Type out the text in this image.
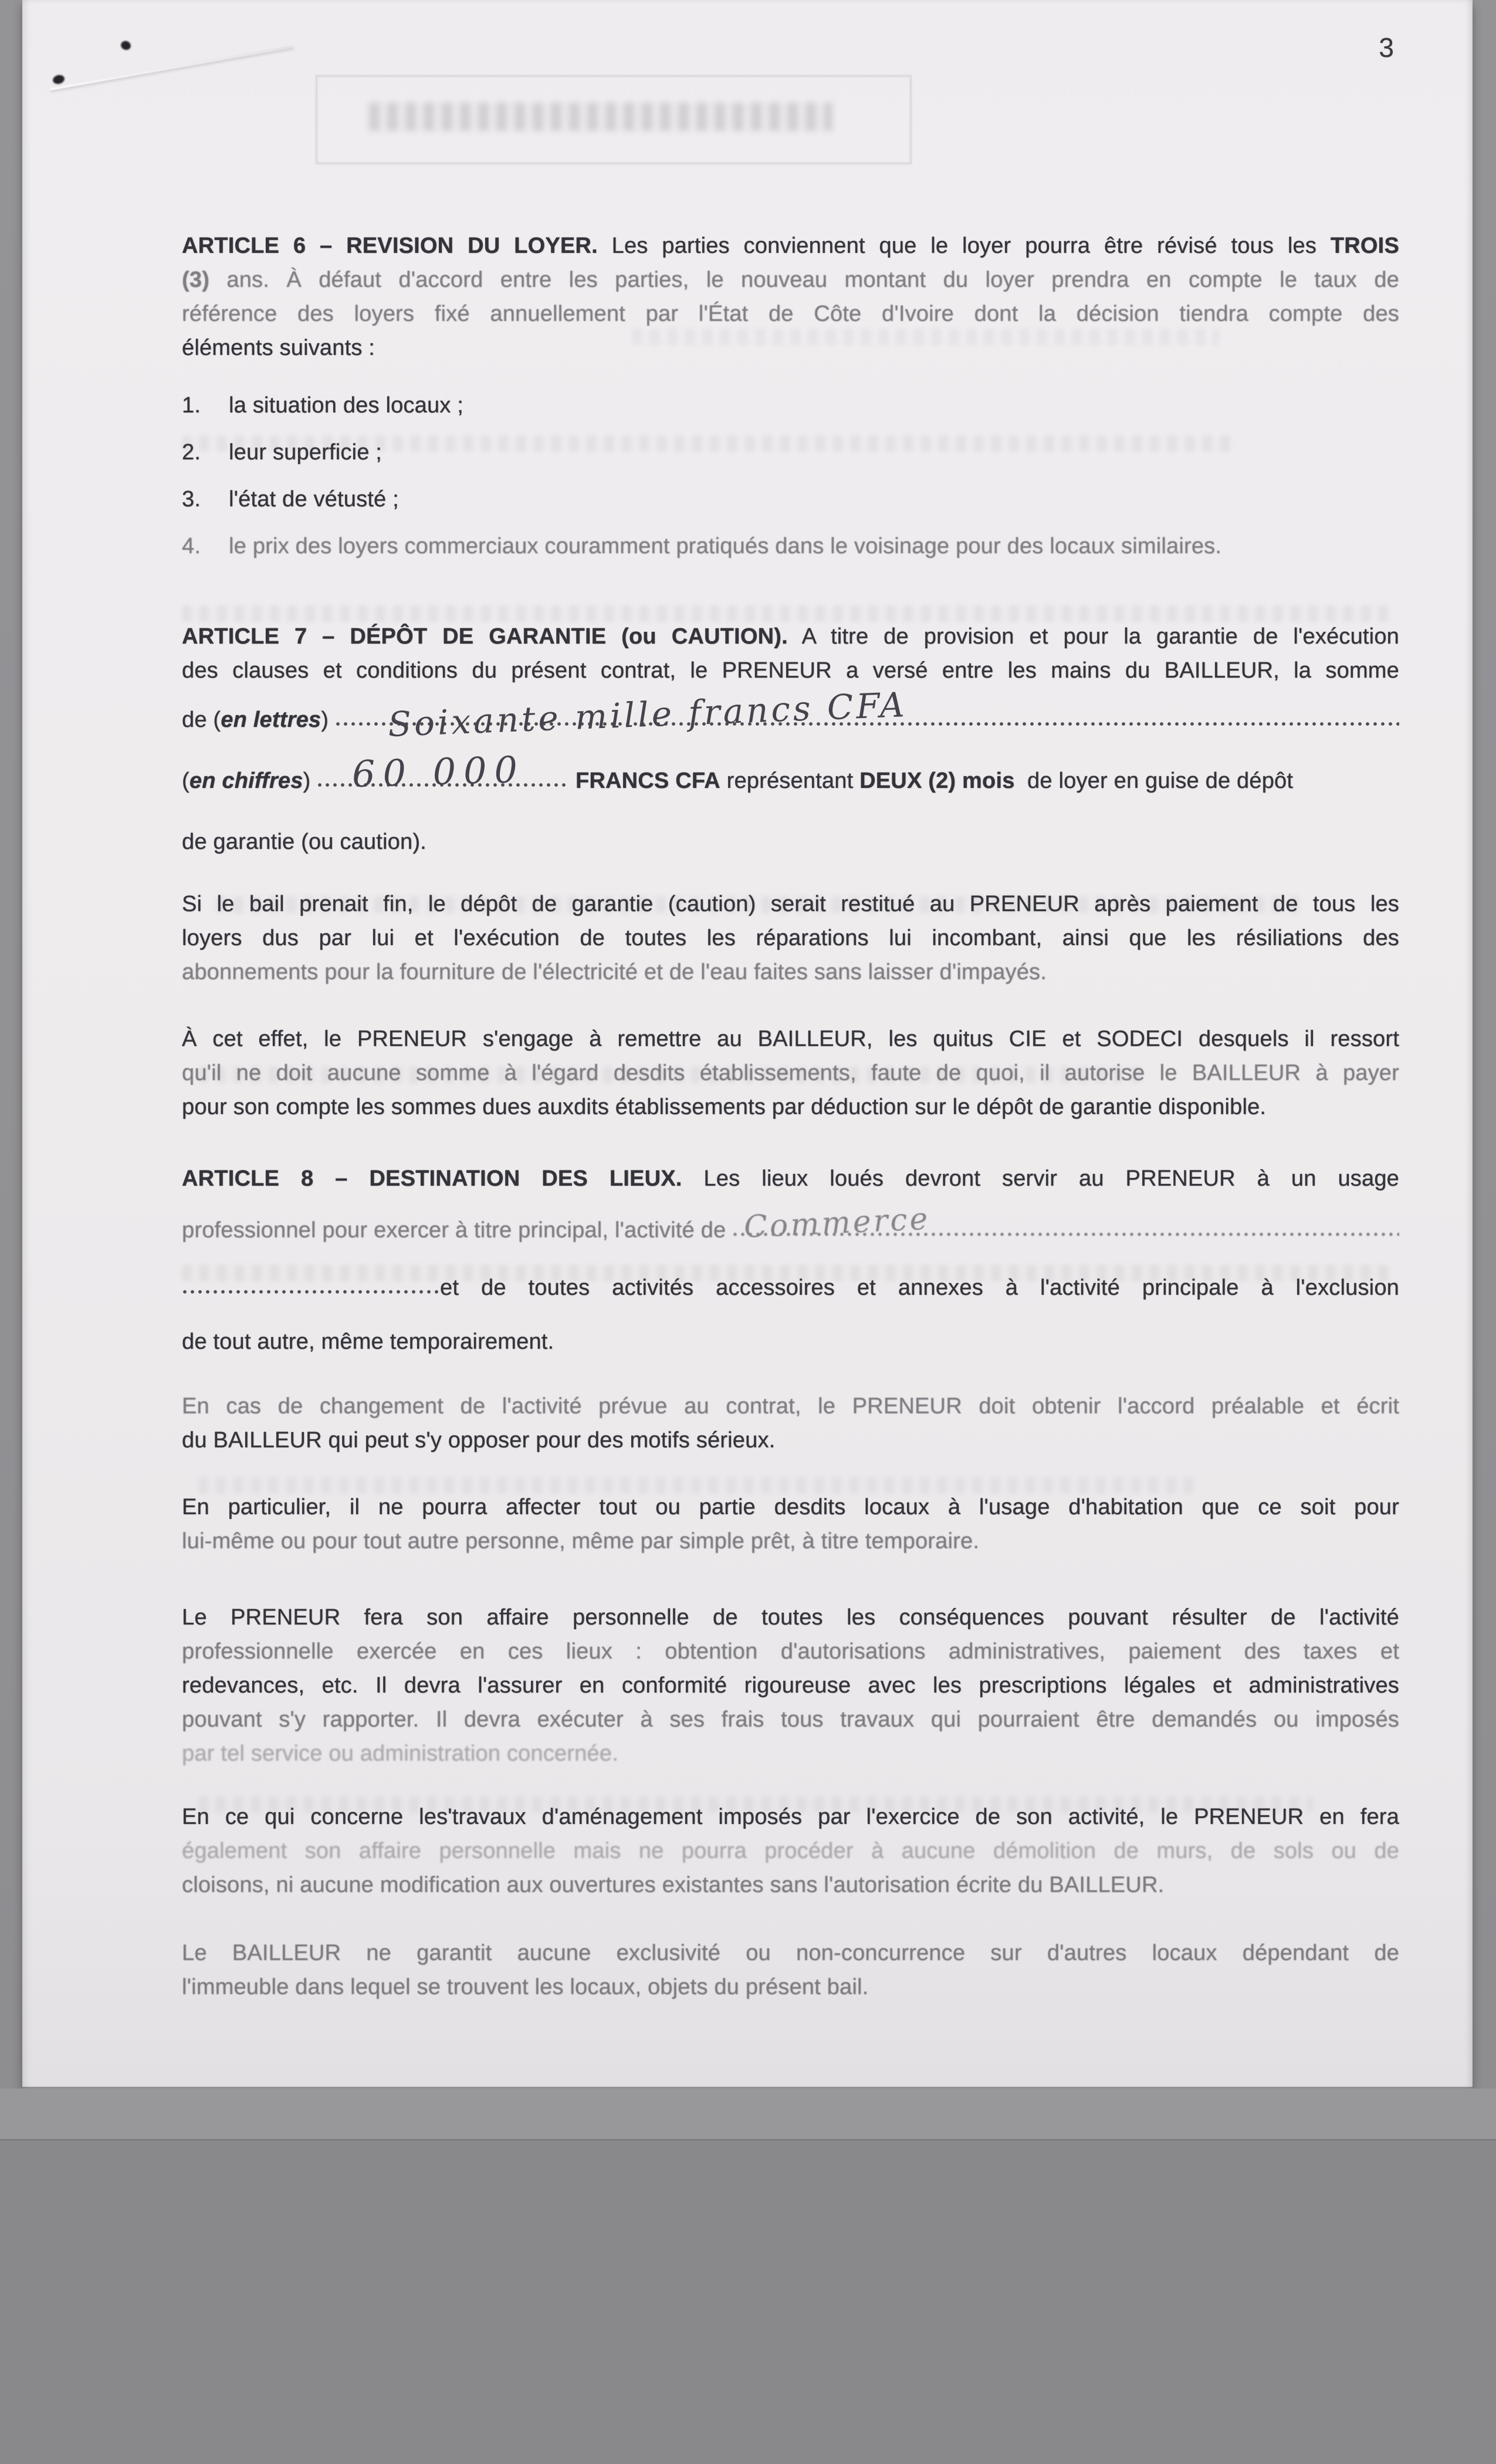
3
ARTICLE 6 – REVISION DU LOYER. Les parties conviennent que le loyer pourra être révisé tous les TROIS
(3) ans. À défaut d'accord entre les parties, le nouveau montant du loyer prendra en compte le taux de
référence des loyers fixé annuellement par l'État de Côte d'Ivoire dont la décision tiendra compte des
éléments suivants :
1.	la situation des locaux ;
2.	leur superficie ;
3.	l'état de vétusté ;
4.	le prix des loyers commerciaux couramment pratiqués dans le voisinage pour des locaux similaires.
ARTICLE 7 – DÉPÔT DE GARANTIE (ou CAUTION). A titre de provision et pour la garantie de l'exécution
des clauses et conditions du présent contrat, le PRENEUR a versé entre les mains du BAILLEUR, la somme
de ( en lettres ) Soixante mille francs CFA
( en chiffres ) 60 000
FRANCS CFA représentant DEUX (2) mois de loyer en guise de dépôt
de garantie (ou caution).
Si le bail prenait fin, le dépôt de garantie (caution) serait restitué au PRENEUR après paiement de tous les
loyers dus par lui et l'exécution de toutes les réparations lui incombant, ainsi que les résiliations des
abonnements pour la fourniture de l'électricité et de l'eau faites sans laisser d'impayés.
À cet effet, le PRENEUR s'engage à remettre au BAILLEUR, les quitus CIE et SODECI desquels il ressort
qu'il ne doit aucune somme à l'égard desdits établissements, faute de quoi, il autorise le BAILLEUR à payer
pour son compte les sommes dues auxdits établissements par déduction sur le dépôt de garantie disponible.
ARTICLE 8 – DESTINATION DES LIEUX. Les lieux loués devront servir au PRENEUR à un usage
professionnel pour exercer à titre principal, l'activité de Commerce
et de toutes activités accessoires et annexes à l'activité principale à l'exclusion
de tout autre, même temporairement.
En cas de changement de l'activité prévue au contrat, le PRENEUR doit obtenir l'accord préalable et écrit
du BAILLEUR qui peut s'y opposer pour des motifs sérieux.
En particulier, il ne pourra affecter tout ou partie desdits locaux à l'usage d'habitation que ce soit pour
lui-même ou pour tout autre personne, même par simple prêt, à titre temporaire.
Le PRENEUR fera son affaire personnelle de toutes les conséquences pouvant résulter de l'activité
professionnelle exercée en ces lieux : obtention d'autorisations administratives, paiement des taxes et
redevances, etc. Il devra l'assurer en conformité rigoureuse avec les prescriptions légales et administratives
pouvant s'y rapporter. Il devra exécuter à ses frais tous travaux qui pourraient être demandés ou imposés
par tel service ou administration concernée.
En ce qui concerne les'travaux d'aménagement imposés par l'exercice de son activité, le PRENEUR en fera
également son affaire personnelle mais ne pourra procéder à aucune démolition de murs, de sols ou de
cloisons, ni aucune modification aux ouvertures existantes sans l'autorisation écrite du BAILLEUR.
Le BAILLEUR ne garantit aucune exclusivité ou non-concurrence sur d'autres locaux dépendant de
l'immeuble dans lequel se trouvent les locaux, objets du présent bail.
